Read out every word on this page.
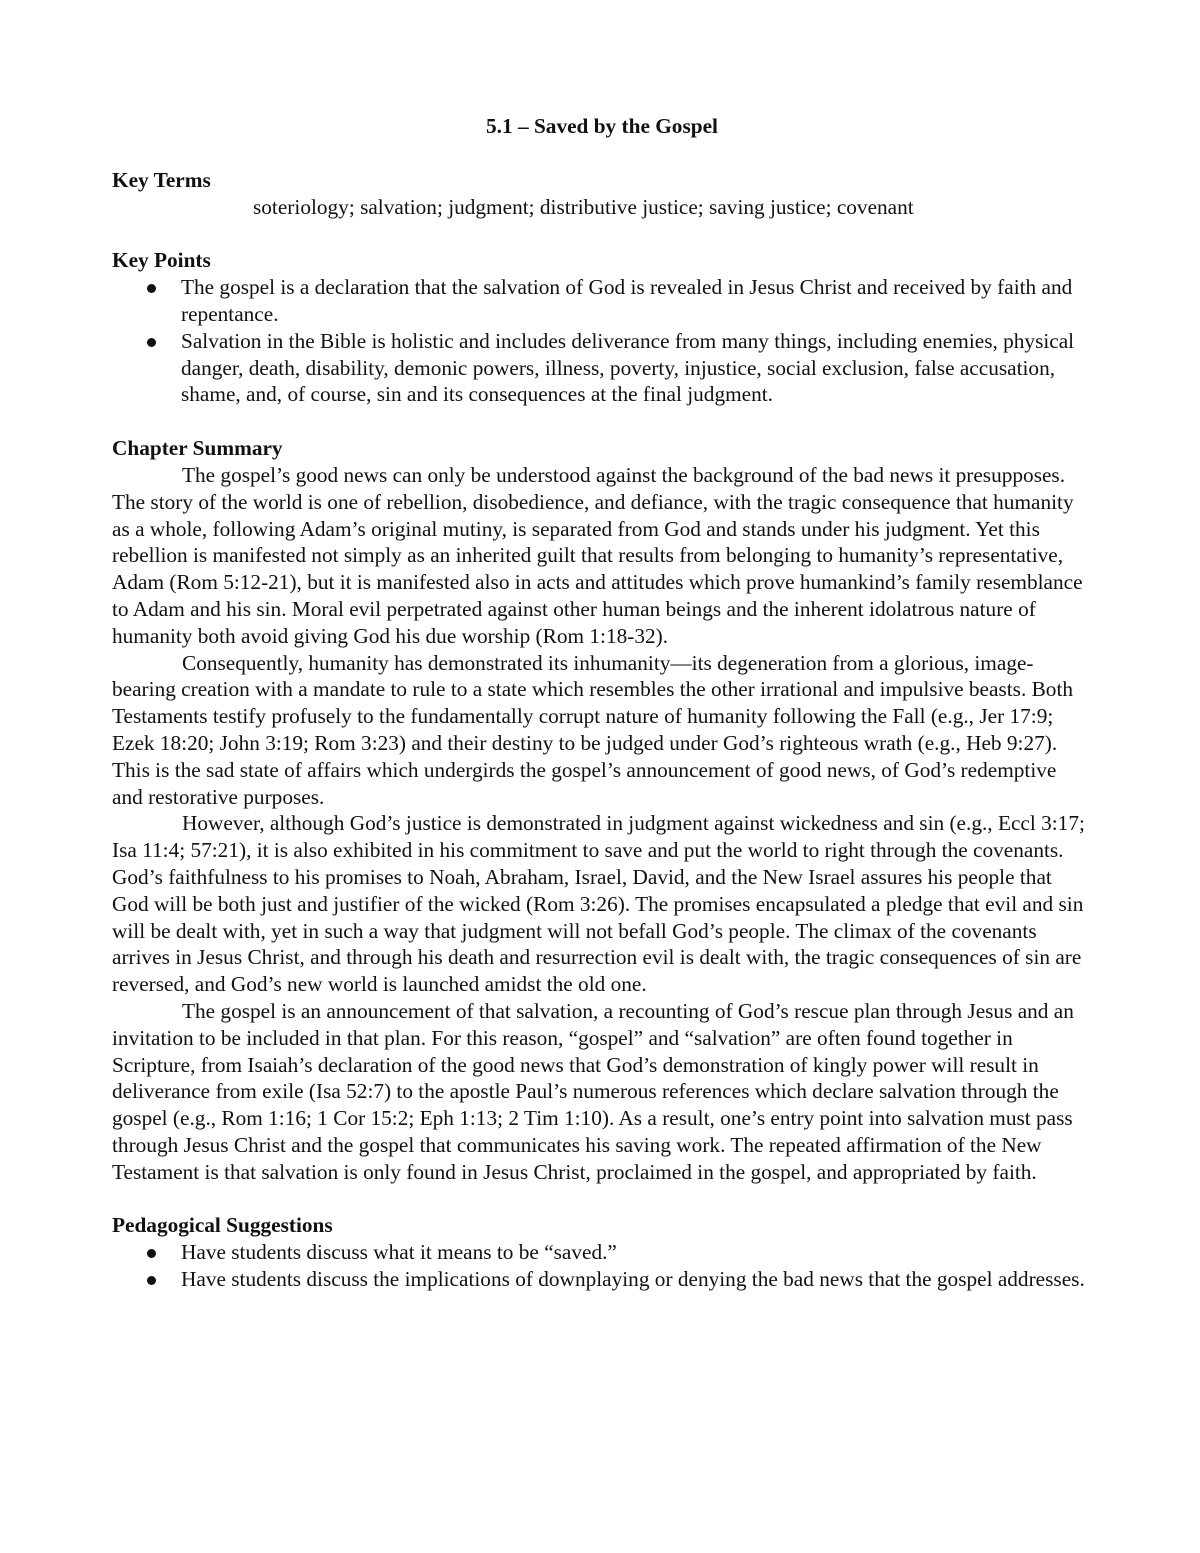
5.1 – Saved by the Gospel

Key Terms

soteriology; salvation; judgment; distributive justice; saving justice; covenant

Key Points

The gospel is a declaration that the salvation of God is revealed in Jesus Christ and received by faith and repentance.
Salvation in the Bible is holistic and includes deliverance from many things, including enemies, physical danger, death, disability, demonic powers, illness, poverty, injustice, social exclusion, false accusation, shame, and, of course, sin and its consequences at the final judgment.

Chapter Summary

The gospel’s good news can only be understood against the background of the bad news it presupposes. The story of the world is one of rebellion, disobedience, and defiance, with the tragic consequence that humanity as a whole, following Adam’s original mutiny, is separated from God and stands under his judgment. Yet this rebellion is manifested not simply as an inherited guilt that results from belonging to humanity’s representative, Adam (Rom 5:12-21), but it is manifested also in acts and attitudes which prove humankind’s family resemblance to Adam and his sin. Moral evil perpetrated against other human beings and the inherent idolatrous nature of humanity both avoid giving God his due worship (Rom 1:18-32).

Consequently, humanity has demonstrated its inhumanity—its degeneration from a glorious, image-bearing creation with a mandate to rule to a state which resembles the other irrational and impulsive beasts. Both Testaments testify profusely to the fundamentally corrupt nature of humanity following the Fall (e.g., Jer 17:9; Ezek 18:20; John 3:19; Rom 3:23) and their destiny to be judged under God’s righteous wrath (e.g., Heb 9:27). This is the sad state of affairs which undergirds the gospel’s announcement of good news, of God’s redemptive and restorative purposes.

However, although God’s justice is demonstrated in judgment against wickedness and sin (e.g., Eccl 3:17; Isa 11:4; 57:21), it is also exhibited in his commitment to save and put the world to right through the covenants. God’s faithfulness to his promises to Noah, Abraham, Israel, David, and the New Israel assures his people that God will be both just and justifier of the wicked (Rom 3:26). The promises encapsulated a pledge that evil and sin will be dealt with, yet in such a way that judgment will not befall God’s people. The climax of the covenants arrives in Jesus Christ, and through his death and resurrection evil is dealt with, the tragic consequences of sin are reversed, and God’s new world is launched amidst the old one.

The gospel is an announcement of that salvation, a recounting of God’s rescue plan through Jesus and an invitation to be included in that plan. For this reason, “gospel” and “salvation” are often found together in Scripture, from Isaiah’s declaration of the good news that God’s demonstration of kingly power will result in deliverance from exile (Isa 52:7) to the apostle Paul’s numerous references which declare salvation through the gospel (e.g., Rom 1:16; 1 Cor 15:2; Eph 1:13; 2 Tim 1:10). As a result, one’s entry point into salvation must pass through Jesus Christ and the gospel that communicates his saving work. The repeated affirmation of the New Testament is that salvation is only found in Jesus Christ, proclaimed in the gospel, and appropriated by faith.

Pedagogical Suggestions

Have students discuss what it means to be “saved.”
Have students discuss the implications of downplaying or denying the bad news that the gospel addresses.
